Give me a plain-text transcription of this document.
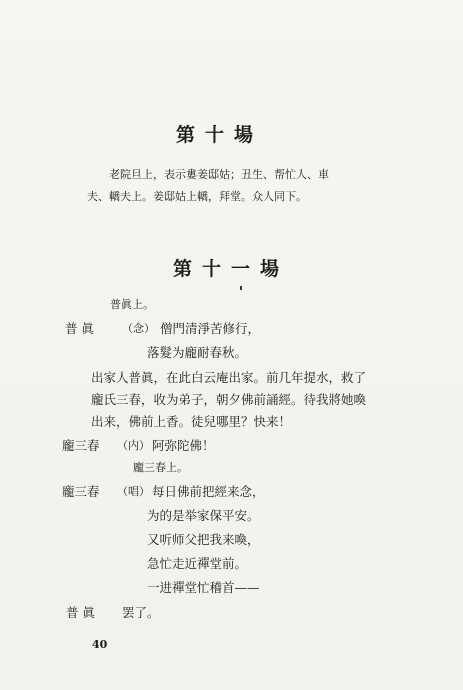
第十場
老院旦上，表示婁姜邸姑；丑生、帮忙人、車
夫、轎夫上。姜邸姑上轎，拜堂。众人同下。
第十一場
普眞上。
普 眞	（念） 僧門清淨苦修行，
落髮为龐耐春秋。
出家人普眞，在此白云庵出家。前几年提水，救了
龐氏三春，收为弟子，朝夕佛前誦經。待我將她喚
出来，佛前上香。徒兒哪里？快来！
龐三春 （内） 阿弥陀佛！
龐三春上。
龐三春 （唱） 每日佛前把經来念，
为的是举家保平安。
又听师父把我来喚，
急忙走近禪堂前。
一进禪堂忙稽首——
普 眞 罢了。
40
